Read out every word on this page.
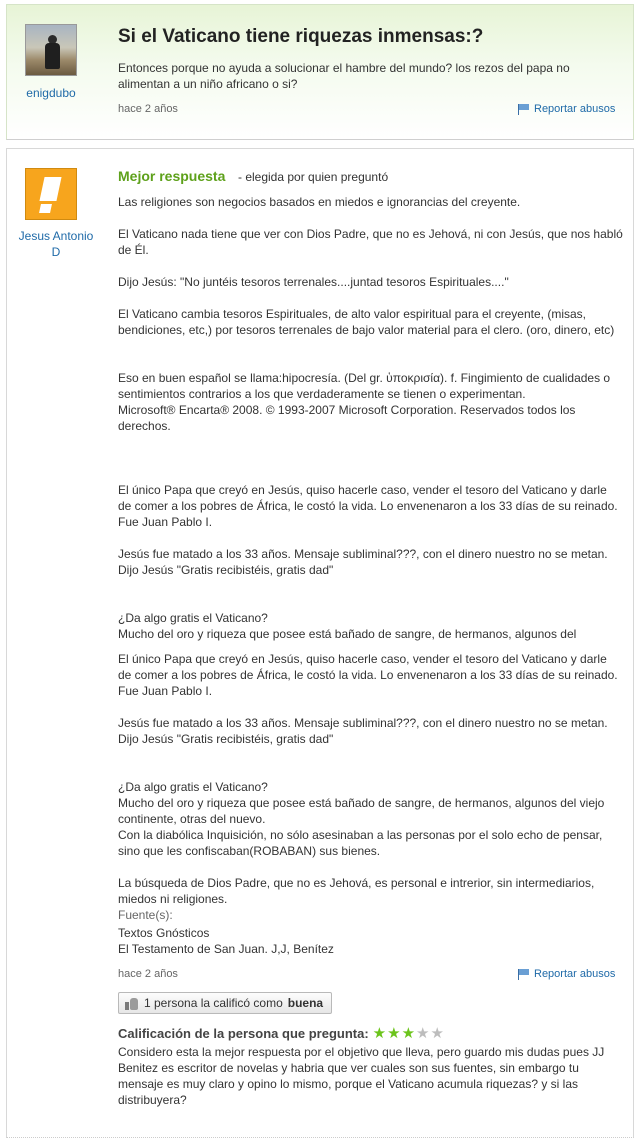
enigdubo
Si el Vaticano tiene riquezas inmensas:?
Entonces porque no ayuda a solucionar el hambre del mundo? los rezos del papa no alimentan a un niño africano o si?
hace 2 años	Reportar abusos
Jesus Antonio D
Mejor respuesta - elegida por quien preguntó

Las religiones son negocios basados en miedos e ignorancias del creyente.

El Vaticano nada tiene que ver con Dios Padre, que no es Jehová, ni con Jesús, que nos habló de Él.

Dijo Jesús: "No juntéis tesoros terrenales....juntad tesoros Espirituales...."

El Vaticano cambia tesoros Espirituales, de alto valor espiritual para el creyente, (misas, bendiciones, etc,) por tesoros terrenales de bajo valor material para el clero. (oro, dinero, etc)

Eso en buen español se llama:hipocresía. (Del gr. ὑποκρισία). f. Fingimiento de cualidades o sentimientos contrarios a los que verdaderamente se tienen o experimentan.
Microsoft® Encarta® 2008. © 1993-2007 Microsoft Corporation. Reservados todos los derechos.

El único Papa que creyó en Jesús, quiso hacerle caso, vender el tesoro del Vaticano y darle de comer a los pobres de África, le costó la vida. Lo envenenaron a los 33 días de su reinado. Fue Juan Pablo I.

Jesús fue matado a los 33 años. Mensaje subliminal???, con el dinero nuestro no se metan.
Dijo Jesús "Gratis recibistéis, gratis dad"

¿Da algo gratis el Vaticano?
Mucho del oro y riqueza que posee está bañado de sangre, de hermanos, algunos del

El único Papa que creyó en Jesús, quiso hacerle caso, vender el tesoro del Vaticano y darle de comer a los pobres de África, le costó la vida. Lo envenenaron a los 33 días de su reinado. Fue Juan Pablo I.

Jesús fue matado a los 33 años. Mensaje subliminal???, con el dinero nuestro no se metan.
Dijo Jesús "Gratis recibistéis, gratis dad"

¿Da algo gratis el Vaticano?
Mucho del oro y riqueza que posee está bañado de sangre, de hermanos, algunos del viejo continente, otras del nuevo.
Con la diabólica Inquisición, no sólo asesinaban a las personas por el solo echo de pensar, sino que les confiscaban(ROBABAN) sus bienes.

La búsqueda de Dios Padre, que no es Jehová, es personal e intrerior, sin intermediarios, miedos ni religiones.

Fuente(s):
Textos Gnósticos
El Testamento de San Juan. J,J, Benítez
hace 2 años	Reportar abusos
1 persona la calificó como buena
Calificación de la persona que pregunta: ★ ★ ★ ★ ★
Considero esta la mejor respuesta por el objetivo que lleva, pero guardo mis dudas pues JJ Benitez es escritor de novelas y habria que ver cuales son sus fuentes, sin embargo tu mensaje es muy claro y opino lo mismo, porque el Vaticano acumula riquezas? y si las distribuyera?
